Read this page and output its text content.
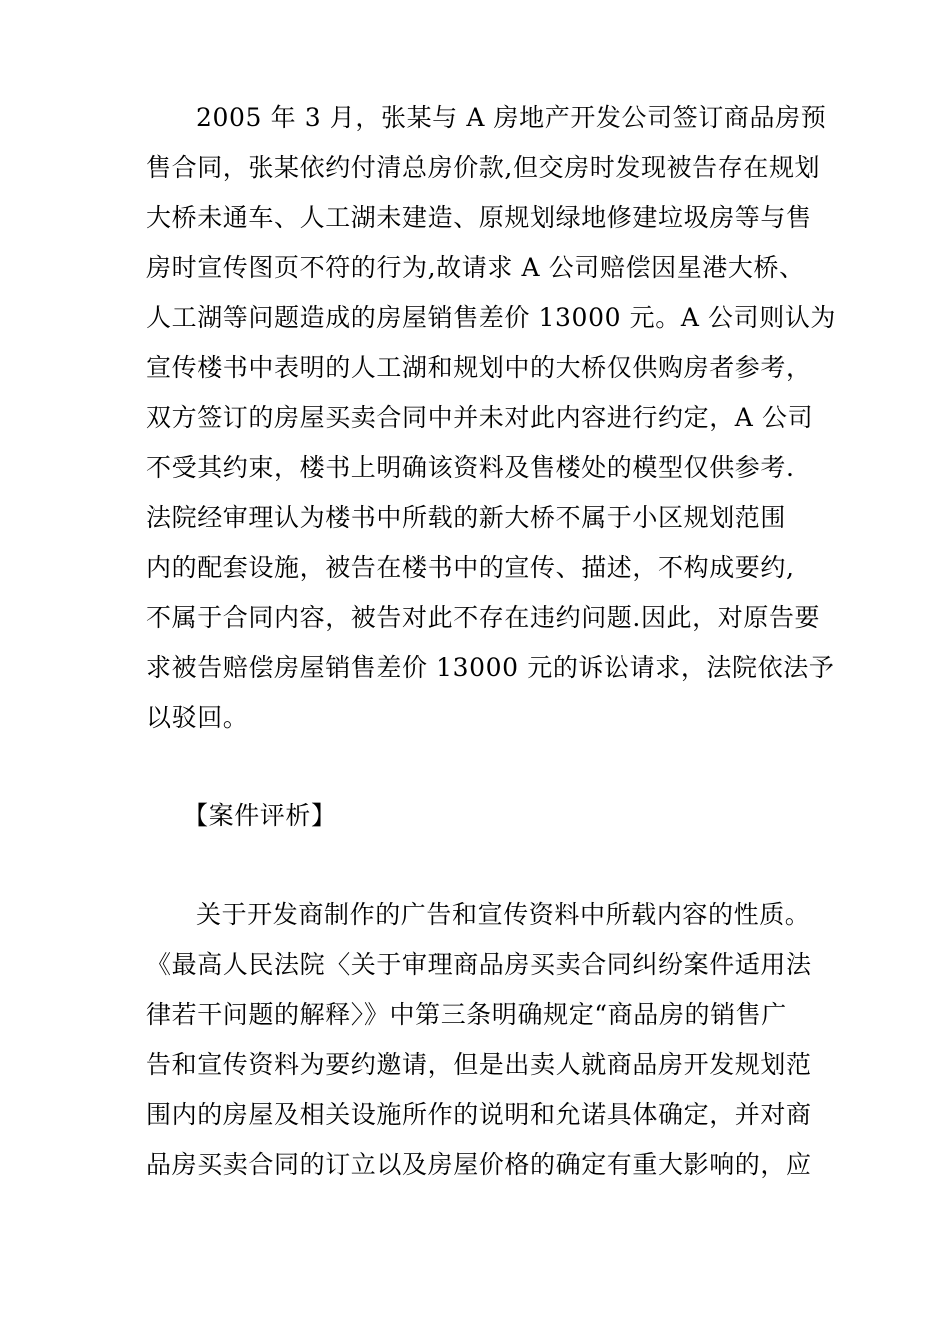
2005 年 3 月，张某与 A 房地产开发公司签订商品房预
售合同，张某依约付清总房价款,但交房时发现被告存在规划
大桥未通车、人工湖未建造、原规划绿地修建垃圾房等与售
房时宣传图页不符的行为,故请求 A 公司赔偿因星港大桥、
人工湖等问题造成的房屋销售差价 13000 元。A 公司则认为
宣传楼书中表明的人工湖和规划中的大桥仅供购房者参考，
双方签订的房屋买卖合同中并未对此内容进行约定，A 公司
不受其约束，楼书上明确该资料及售楼处的模型仅供参考.
法院经审理认为楼书中所载的新大桥不属于小区规划范围
内的配套设施，被告在楼书中的宣传、描述，不构成要约,
不属于合同内容，被告对此不存在违约问题.因此，对原告要
求被告赔偿房屋销售差价 13000 元的诉讼请求，法院依法予
以驳回。
【案件评析】
关于开发商制作的广告和宣传资料中所载内容的性质。
《最高人民法院〈关于审理商品房买卖合同纠纷案件适用法
律若干问题的解释〉》中第三条明确规定“商品房的销售广
告和宣传资料为要约邀请，但是出卖人就商品房开发规划范
围内的房屋及相关设施所作的说明和允诺具体确定，并对商
品房买卖合同的订立以及房屋价格的确定有重大影响的，应
